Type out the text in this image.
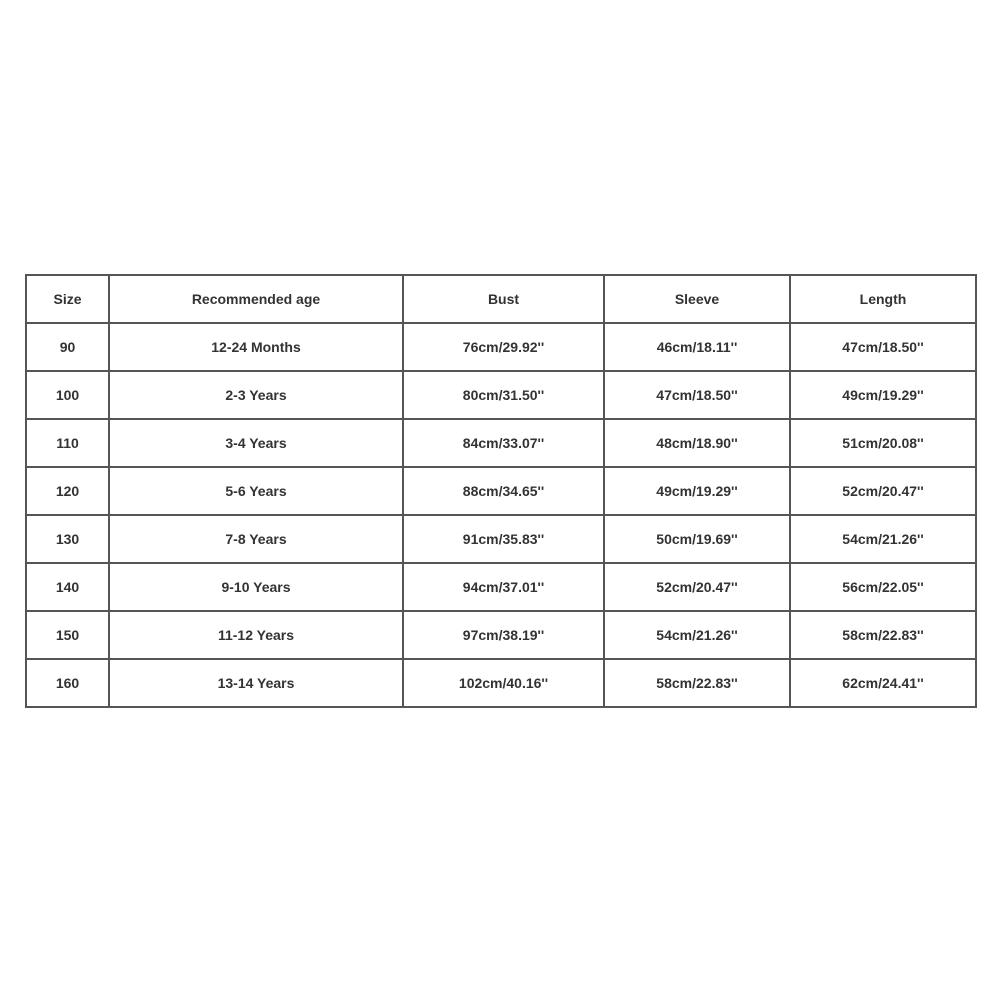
Size	Recommended age	Bust	Sleeve	Length
90	12-24 Months	76cm/29.92''	46cm/18.11''	47cm/18.50''
100	2-3 Years	80cm/31.50''	47cm/18.50''	49cm/19.29''
110	3-4 Years	84cm/33.07''	48cm/18.90''	51cm/20.08''
120	5-6 Years	88cm/34.65''	49cm/19.29''	52cm/20.47''
130	7-8 Years	91cm/35.83''	50cm/19.69''	54cm/21.26''
140	9-10 Years	94cm/37.01''	52cm/20.47''	56cm/22.05''
150	11-12 Years	97cm/38.19''	54cm/21.26''	58cm/22.83''
160	13-14 Years	102cm/40.16''	58cm/22.83''	62cm/24.41''
